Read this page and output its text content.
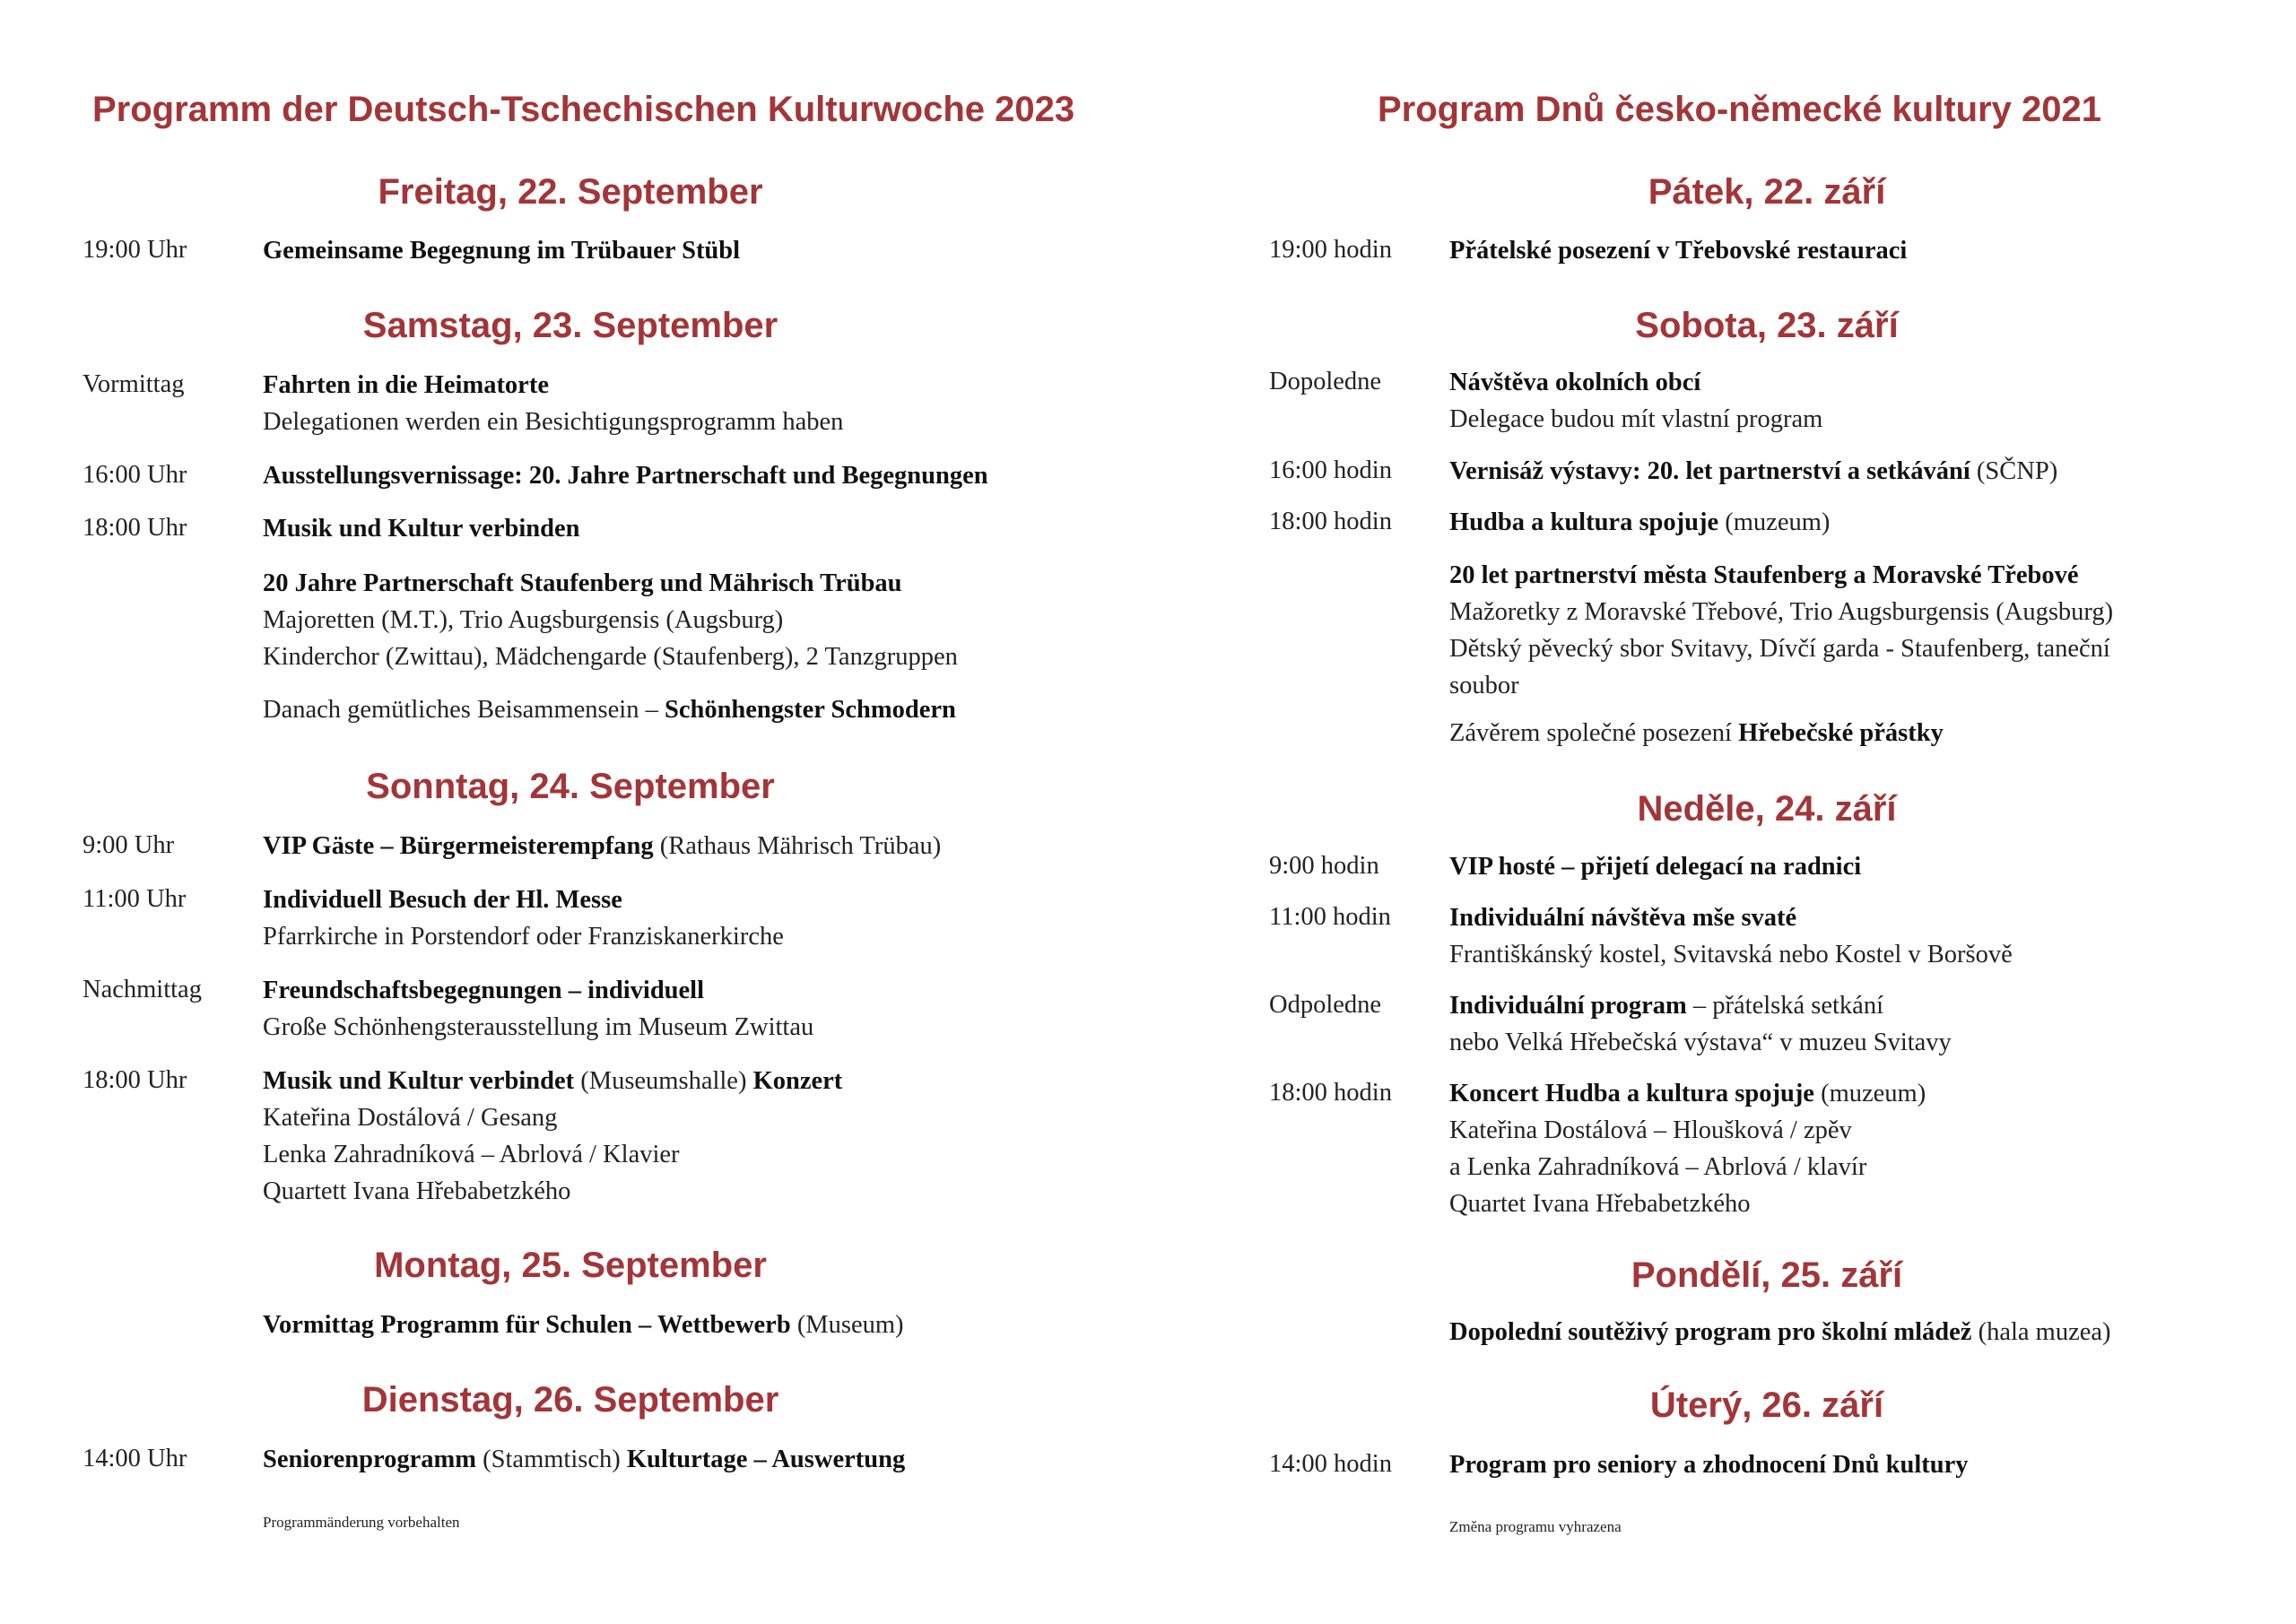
Programm der Deutsch-Tschechischen Kulturwoche 2023
Freitag, 22. September
19:00 Uhr	Gemeinsame Begegnung im Trübauer Stübl
Samstag, 23. September
Vormittag	Fahrten in die Heimatorte
Delegationen werden ein Besichtigungsprogramm haben
16:00 Uhr	Ausstellungsvernissage: 20. Jahre Partnerschaft und Begegnungen
18:00 Uhr	Musik und Kultur verbinden
20 Jahre Partnerschaft Staufenberg und Mährisch Trübau
Majoretten (M.T.), Trio Augsburgensis (Augsburg)
Kinderchor (Zwittau), Mädchengarde (Staufenberg), 2 Tanzgruppen
Danach gemütliches Beisammensein – Schönhengster Schmodern
Sonntag, 24. September
9:00 Uhr	VIP Gäste – Bürgermeisterempfang (Rathaus Mährisch Trübau)
11:00 Uhr	Individuell Besuch der Hl. Messe
Pfarrkirche in Porstendorf oder Franziskanerkirche
Nachmittag Freundschaftsbegegnungen – individuell
Große Schönhengsterausstellung im Museum Zwittau
18:00 Uhr	Musik und Kultur verbindet (Museumshalle) Konzert
Kateřina Dostálová / Gesang
Lenka Zahradníková – Abrlová / Klavier
Quartett Ivana Hřebabetzkého
Montag, 25. September
Vormittag Programm für Schulen – Wettbewerb (Museum)
Dienstag, 26. September
14:00 Uhr	Seniorenprogramm (Stammtisch) Kulturtage – Auswertung
Programmänderung vorbehalten
Program Dnů česko-německé kultury 2021
Pátek, 22. září
19:00 hodin Přátelské posezení v Třebovské restauraci
Sobota, 23. září
Dopoledne	Návštěva okolních obcí
Delegace budou mít vlastní program
16:00 hodin Vernisáž výstavy: 20. let partnerství a setkávání (SČNP)
18:00 hodin Hudba a kultura spojuje (muzeum)
20 let partnerství města Staufenberg a Moravské Třebové
Mažoretky z Moravské Třebové, Trio Augsburgensis (Augsburg)
Dětský pěvecký sbor Svitavy, Dívčí garda - Staufenberg, taneční
soubor
Závěrem společné posezení Hřebečské přástky
Neděle, 24. září
9:00 hodin	VIP hosté – přijetí delegací na radnici
11:00 hodin Individuální návštěva mše svaté
Františkánský kostel, Svitavská nebo Kostel v Boršově
Odpoledne	Individuální program – přátelská setkání
nebo Velká Hřebečská výstava“ v muzeu Svitavy
18:00 hodin Koncert Hudba a kultura spojuje (muzeum)
Kateřina Dostálová – Hloušková / zpěv
a Lenka Zahradníková – Abrlová / klavír
Quartet Ivana Hřebabetzkého
Pondělí, 25. září
Dopolední soutěživý program pro školní mládež (hala muzea)
Úterý, 26. září
14:00 hodin Program pro seniory a zhodnocení Dnů kultury
Změna programu vyhrazena
